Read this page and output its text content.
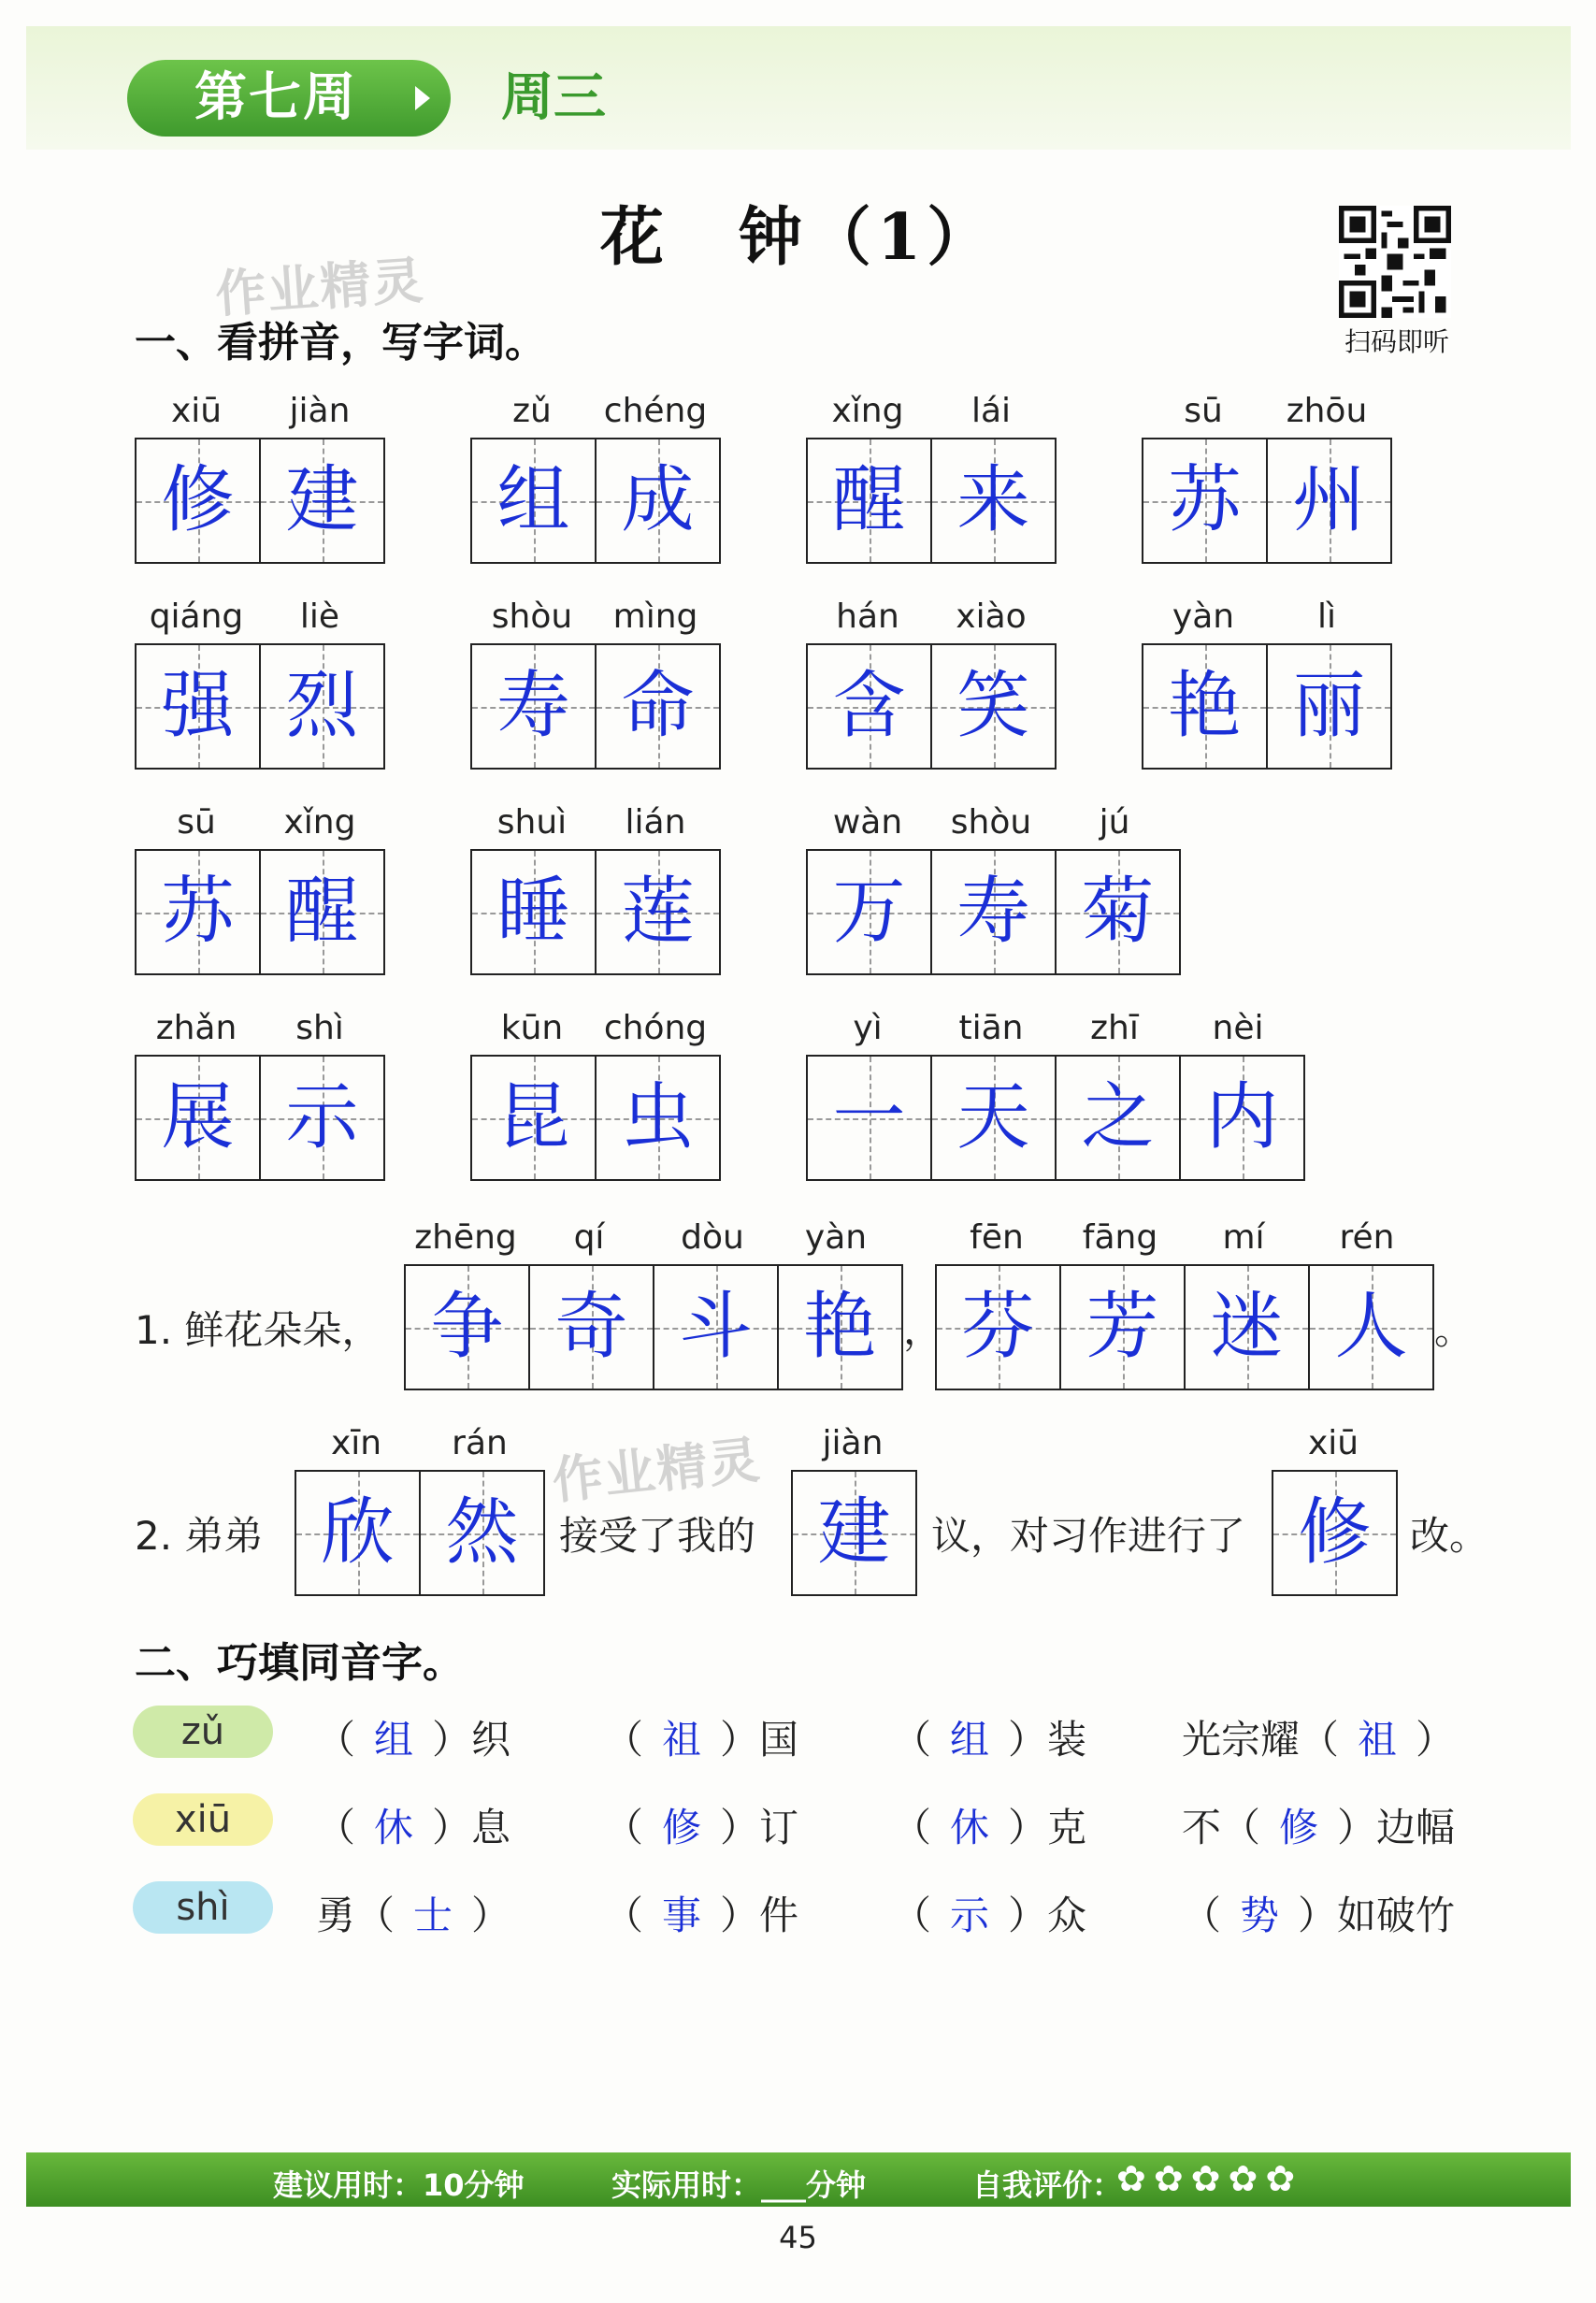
第七周	周三
花　钟（1）
扫码即听
作业精灵
作业精灵
一、看拼音，写字词。
xiū	jiàn
修 建
zǔ	chéng
组 成
xǐng	lái
醒 来
sū	zhōu
苏 州
qiáng	liè
强 烈
shòu	mìng
寿 命
hán	xiào
含 笑
yàn	lì
艳 丽
sū	xǐng
苏 醒
shuì	lián
睡 莲
wàn	shòu	jú
万 寿 菊
zhǎn	shì
展 示
kūn	chóng
昆 虫
yì	tiān	zhī	nèi
一 天 之 内
1. 鲜花朵朵，
zhēng	qí	dòu	yàn
争 奇 斗 艳 ，
fēn	fāng	mí	rén
芬 芳 迷 人 。
2. 弟弟
xīn	rán
欣 然	接受了我的
jiàn
建	议，对习作进行了
xiū
修 改。
二、巧填同音字。
zǔ	（ 组 ）织 （ 祖 ）国 （ 组 ）装 光宗耀（ 祖 ）
xiū	（ 休 ）息 （ 修 ）订 （ 休 ）克 不（ 修 ）边幅
shì	勇（ 士 ） （ 事 ）件 （ 示 ）众 （ 势 ）如破竹
建议用时：10分钟	实际用时：___分钟	自我评价：
✿✿✿✿✿
45
